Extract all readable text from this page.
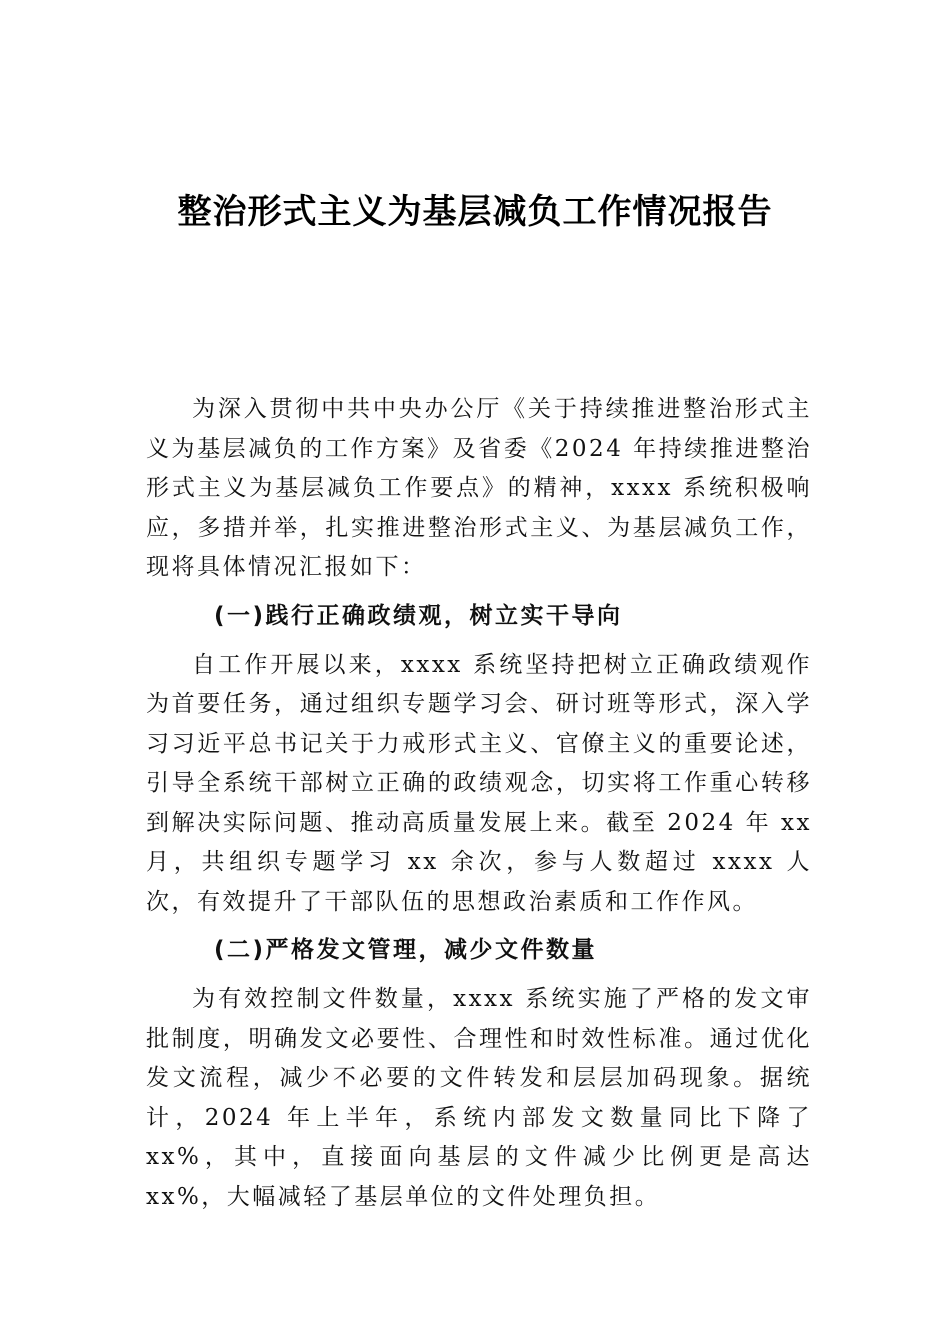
整治形式主义为基层减负工作情况报告

为深入贯彻中共中央办公厅《关于持续推进整治形式主义为基层减负的工作方案》及省委《2024 年持续推进整治形式主义为基层减负工作要点》的精神，xxxx 系统积极响应，多措并举，扎实推进整治形式主义、为基层减负工作，现将具体情况汇报如下：

(一)践行正确政绩观，树立实干导向

自工作开展以来，xxxx 系统坚持把树立正确政绩观作为首要任务，通过组织专题学习会、研讨班等形式，深入学习习近平总书记关于力戒形式主义、官僚主义的重要论述，引导全系统干部树立正确的政绩观念，切实将工作重心转移到解决实际问题、推动高质量发展上来。截至 2024 年 xx 月，共组织专题学习 xx 余次，参与人数超过 xxxx 人次，有效提升了干部队伍的思想政治素质和工作作风。

(二)严格发文管理，减少文件数量

为有效控制文件数量，xxxx 系统实施了严格的发文审批制度，明确发文必要性、合理性和时效性标准。通过优化发文流程，减少不必要的文件转发和层层加码现象。据统计，2024 年上半年，系统内部发文数量同比下降了 xx%，其中，直接面向基层的文件减少比例更是高达 xx%，大幅减轻了基层单位的文件处理负担。
